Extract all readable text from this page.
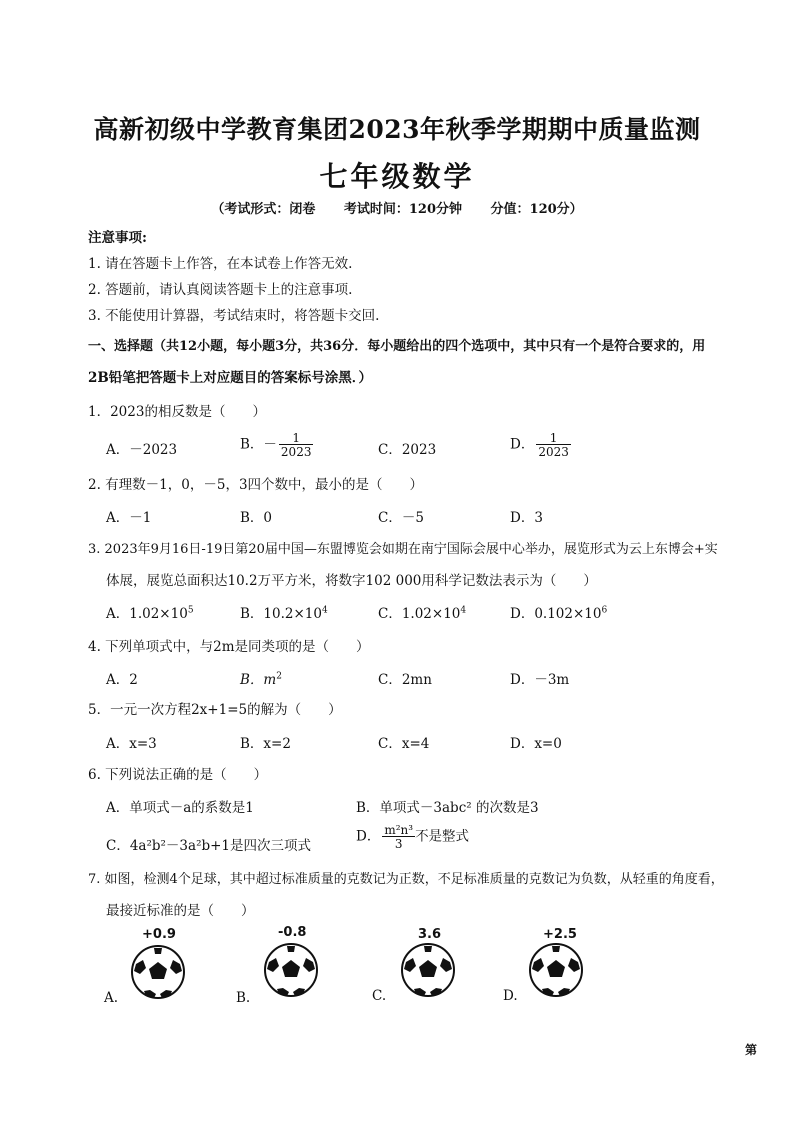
高新初级中学教育集团2023年秋季学期期中质量监测
七年级数学
（考试形式：闭卷 考试时间：120分钟 分值：120分）
注意事项:
1. 请在答题卡上作答，在本试卷上作答无效.
2. 答题前，请认真阅读答题卡上的注意事项.
3. 不能使用计算器，考试结束时，将答题卡交回.
一、选择题（共12小题，每小题3分，共36分．每小题给出的四个选项中，其中只有一个是符合要求的，用
2B铅笔把答题卡上对应题目的答案标号涂黑．）
1．2023的相反数是（　　）
A．－2023	B．－ $\frac{1}{2023}$	C．2023	D． $\frac{1}{2023}$
2. 有理数－1，0，－5，3四个数中，最小的是（　　）
A．－1	B．0	C．－5	D．3
3. 2023年9月16日-19日第20届中国—东盟博览会如期在南宁国际会展中心举办，展览形式为云上东博会+实
体展，展览总面积达10.2万平方米，将数字102 000用科学记数法表示为（　　）
A．$1.02\times 10^5$	B．$10.2\times 10^4$	C．$1.02\times 10^4$	D．$0.102\times 10^6$
4. 下列单项式中，与2m是同类项的是（　　）
A．2	B．$m^2$	C．2mn	D．－3m
5．一元一次方程2x+1=5的解为（　　）
A．x=3	B．x=2	C．x=4	D．x=0
6. 下列说法正确的是（　　）
A．单项式－a的系数是1	B．单项式－3abc² 的次数是3
C．4a²b²－3a²b+1是四次三项式
D． $\frac{\text{m²n³}}{3}$ 不是整式
7. 如图，检测4个足球，其中超过标准质量的克数记为正数，不足标准质量的克数记为负数，从轻重的角度看，
最接近标准的是（　　）
+0.9	-0.8	3.6	+2.5
A.	B.	C.	D.
第
